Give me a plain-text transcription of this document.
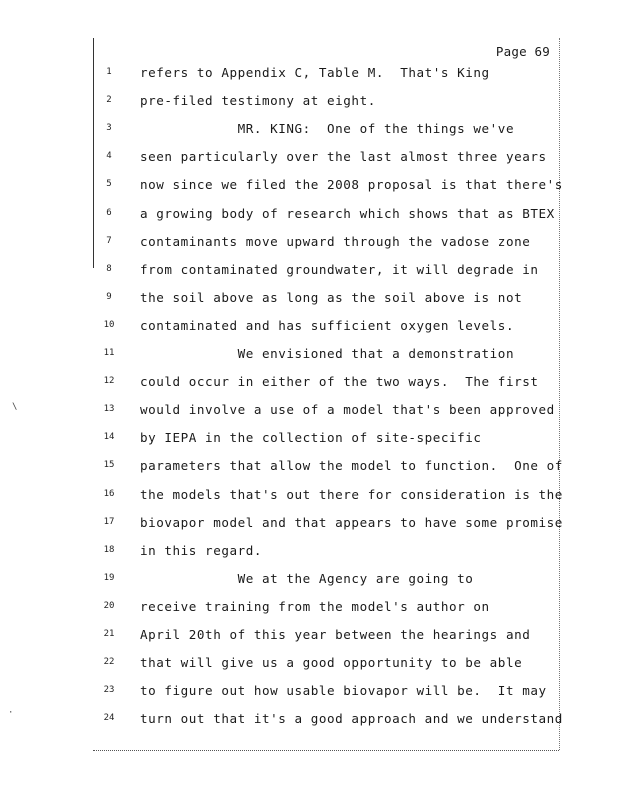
Page 69
1	refers to Appendix C, Table M.  That's King
2	pre-filed testimony at eight.
3	MR. KING:  One of the things we've
4	seen particularly over the last almost three years
5	now since we filed the 2008 proposal is that there's
6	a growing body of research which shows that as BTEX
7	contaminants move upward through the vadose zone
8	from contaminated groundwater, it will degrade in
9	the soil above as long as the soil above is not
10	contaminated and has sufficient oxygen levels.
11	We envisioned that a demonstration
12	could occur in either of the two ways.  The first
13	would involve a use of a model that's been approved
14	by IEPA in the collection of site-specific
15	parameters that allow the model to function.  One of
16	the models that's out there for consideration is the
17	biovapor model and that appears to have some promise
18	in this regard.
19	We at the Agency are going to
20	receive training from the model's author on
21	April 20th of this year between the hearings and
22	that will give us a good opportunity to be able
23	to figure out how usable biovapor will be.  It may
24	turn out that it's a good approach and we understand
\
·
